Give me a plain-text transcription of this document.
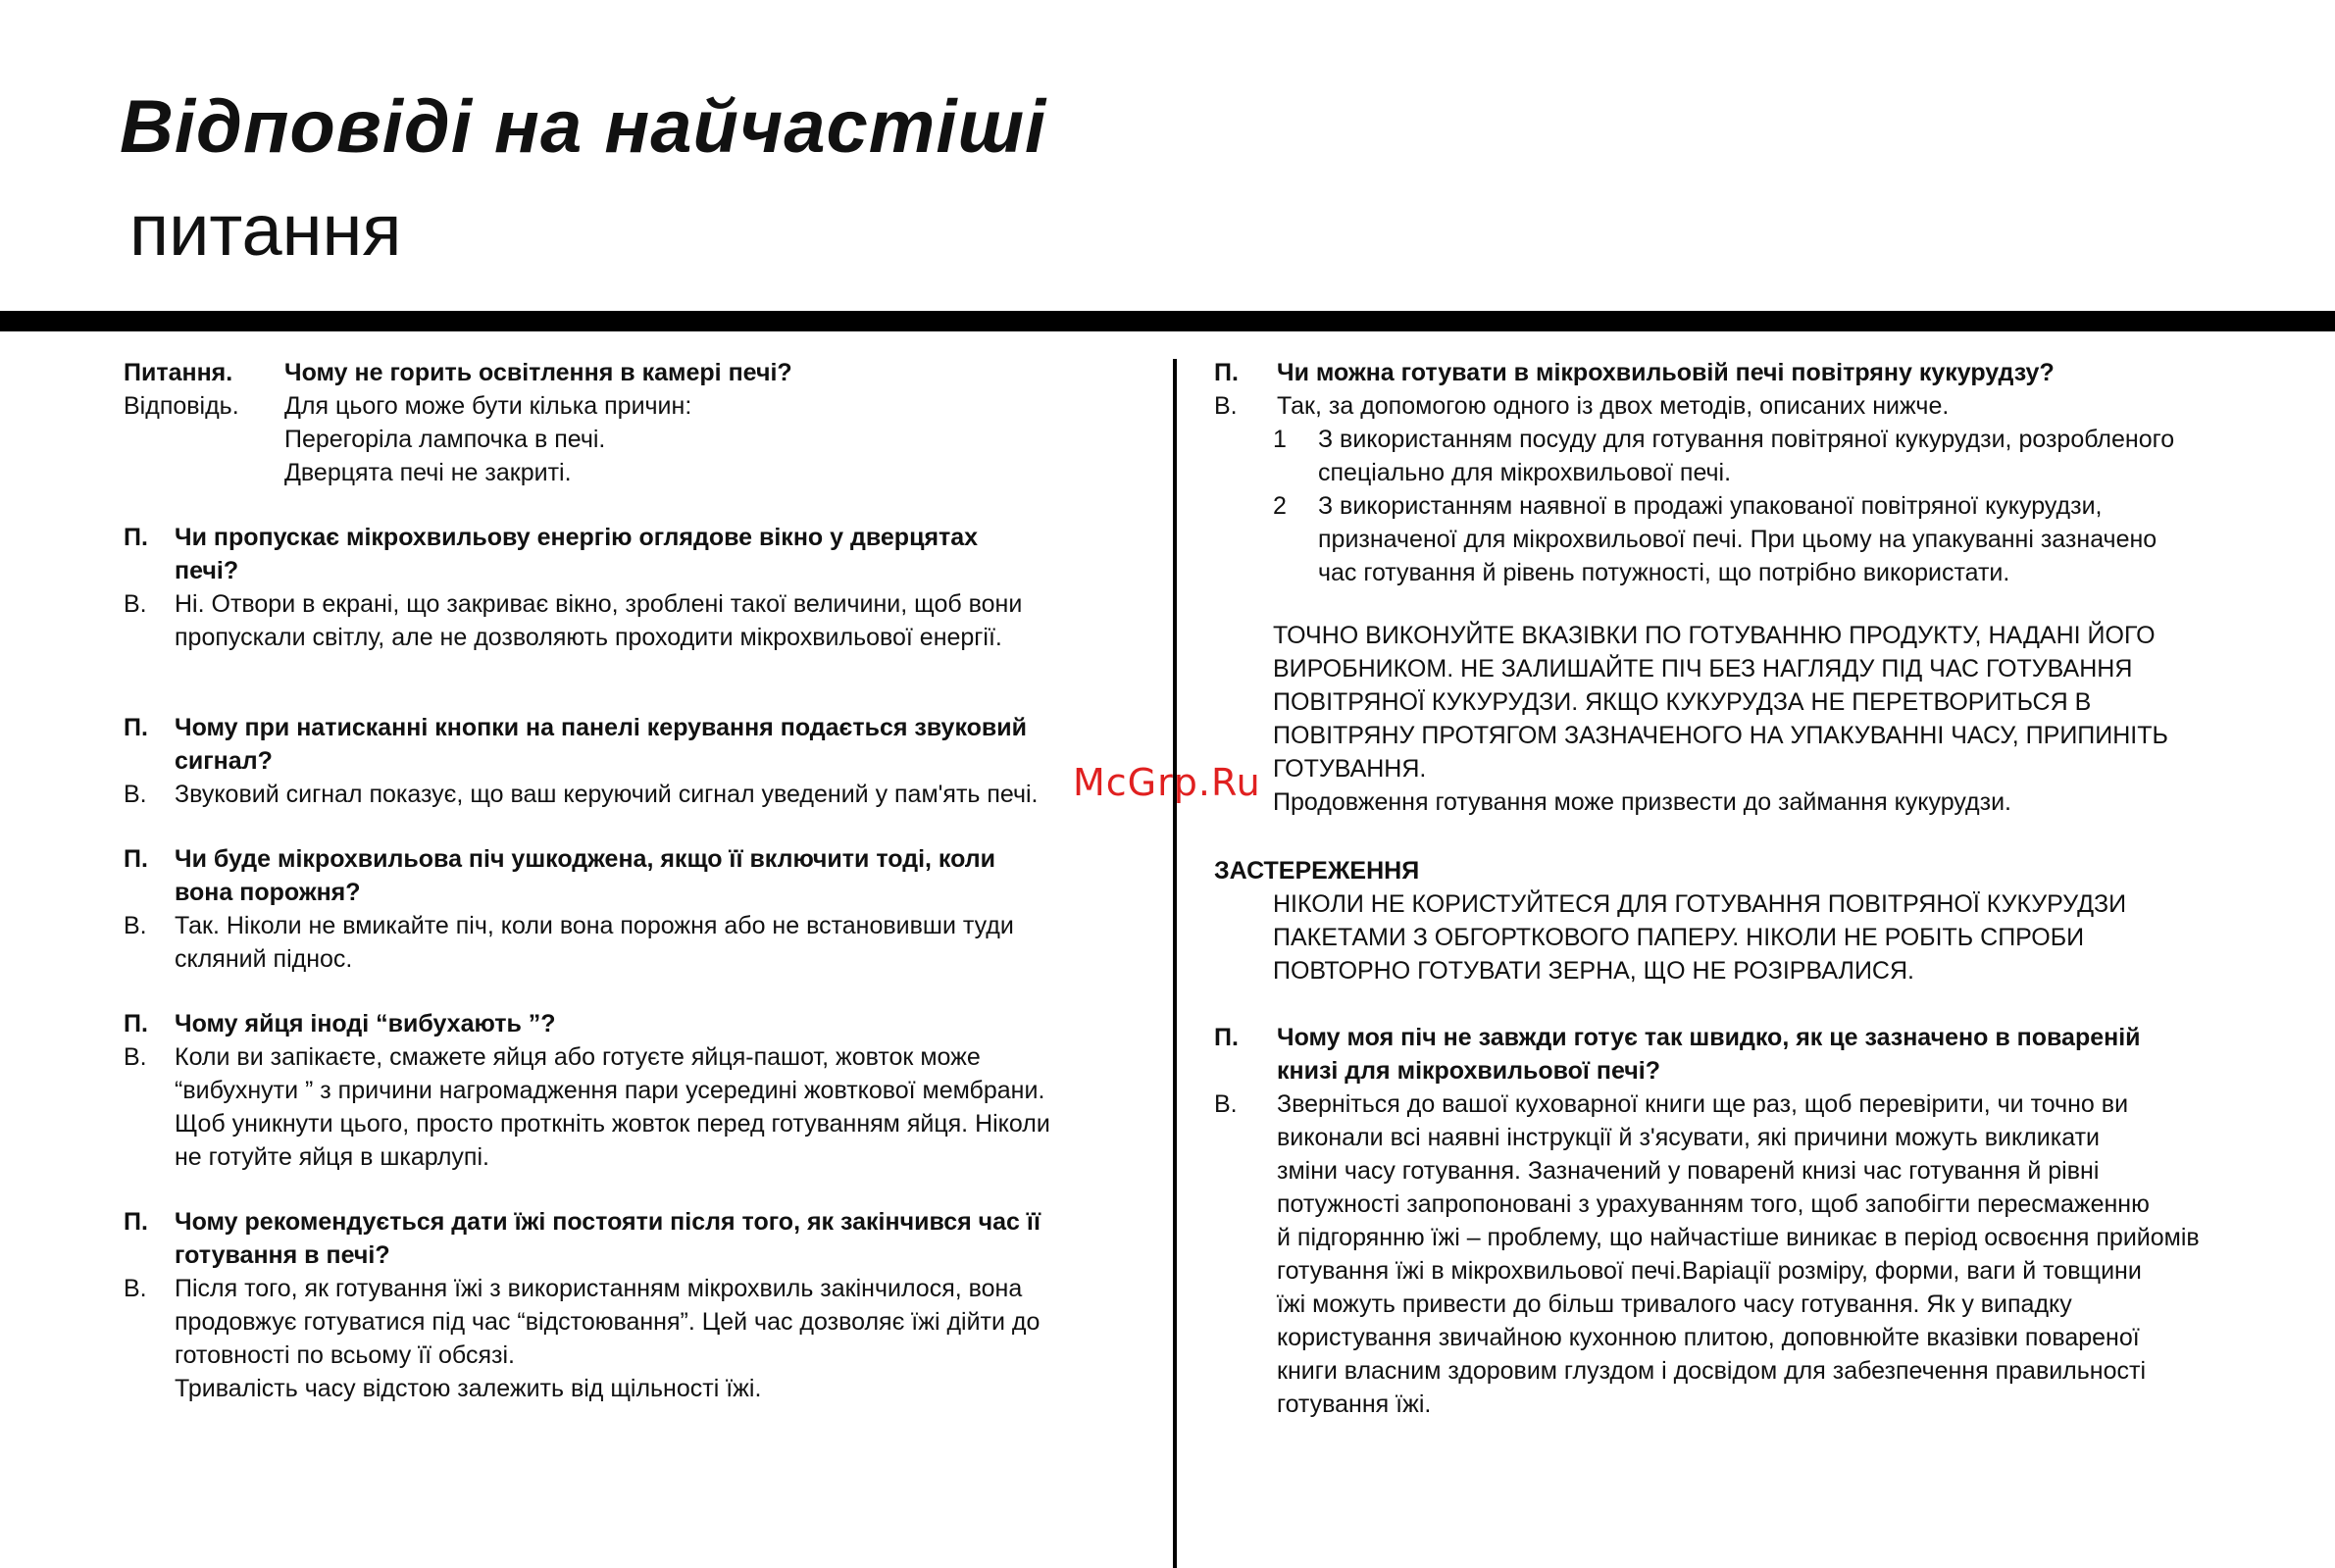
Відповіді на найчастіші
питання
Питання.	Чому не горить освітлення в камері печі?
Відповідь.	Для цього може бути кілька причин:
Перегоріла лампочка в печі.
Дверцята печі не закриті.
П.	Чи пропускає мікрохвильову енергію оглядове вікно у дверцятах
печі?
В.	Ні. Отвори в екрані, що закриває вікно, зроблені такої величини, щоб вони
пропускали світлу, але не дозволяють проходити мікрохвильової енергії.
П.	Чому при натисканні кнопки на панелі керування подається звуковий
сигнал?
В.	Звуковий сигнал показує, що ваш керуючий сигнал уведений у пам'ять печі.
П.	Чи буде мікрохвильова піч ушкоджена, якщо її включити тоді, коли
вона порожня?
В.	Так. Ніколи не вмикайте піч, коли вона порожня або не встановивши туди
скляний піднос.
П.	Чому яйця іноді “вибухають ”?
В.	Коли ви запікаєте, смажете яйця або готуєте яйця-пашот, жовток може
“вибухнути ” з причини нагромадження пари усередині жовткової мембрани.
Щоб уникнути цього, просто проткніть жовток перед готуванням яйця. Ніколи
не готуйте яйця в шкарлупі.
П.	Чому рекомендується дати їжі постояти після того, як закінчився час її
готування в печі?
В.	Після того, як готування їжі з використанням мікрохвиль закінчилося, вона
продовжує готуватися під час “відстоювання”. Цей час дозволяє їжі дійти до
готовності по всьому її обсязі.
Тривалість часу відстою залежить від щільності їжі.
П.	Чи можна готувати в мікрохвильовій печі повітряну кукурудзу?
В.	Так, за допомогою одного із двох методів, описаних нижче.
1	З використанням посуду для готування повітряної кукурудзи, розробленого
спеціально для мікрохвильової печі.
2	З використанням наявної в продажі упакованої повітряної кукурудзи,
призначеної для мікрохвильової печі. При цьому на упакуванні зазначено
час готування й рівень потужності, що потрібно використати.
ТОЧНО ВИКОНУЙТЕ ВКАЗІВКИ ПО ГОТУВАННЮ ПРОДУКТУ, НАДАНІ ЙОГО
ВИРОБНИКОМ. НЕ ЗАЛИШАЙТЕ ПІЧ БЕЗ НАГЛЯДУ ПІД ЧАС ГОТУВАННЯ
ПОВІТРЯНОЇ КУКУРУДЗИ. ЯКЩО КУКУРУДЗА НЕ ПЕРЕТВОРИТЬСЯ В
ПОВІТРЯНУ ПРОТЯГОМ ЗАЗНАЧЕНОГО НА УПАКУВАННІ ЧАСУ, ПРИПИНІТЬ
ГОТУВАННЯ.
Продовження готування може призвести до займання кукурудзи.
ЗАСТЕРЕЖЕННЯ
НІКОЛИ НЕ КОРИСТУЙТЕСЯ ДЛЯ ГОТУВАННЯ ПОВІТРЯНОЇ КУКУРУДЗИ
ПАКЕТАМИ З ОБГОРТКОВОГО ПАПЕРУ. НІКОЛИ НЕ РОБІТЬ СПРОБИ
ПОВТОРНО ГОТУВАТИ ЗЕРНА, ЩО НЕ РОЗІРВАЛИСЯ.
П.	Чому моя піч не завжди готує так швидко, як це зазначено в повареній
книзі для мікрохвильової печі?
В.	Зверніться до вашої куховарної книги ще раз, щоб перевірити, чи точно ви
виконали всі наявні інструкції й з'ясувати, які причини можуть викликати
зміни часу готування. Зазначений у поваренй книзі час готування й рівні
потужності запропоновані з урахуванням того, щоб запобігти пересмаженню
й підгорянню їжі – проблему, що найчастіше виникає в період освоєння прийомів
готування їжі в мікрохвильової печі.Варіації розміру, форми, ваги й товщини
їжі можуть привести до більш тривалого часу готування. Як у випадку
користування звичайною кухонною плитою, доповнюйте вказівки повареної
книги власним здоровим глуздом і досвідом для забезпечення правильності
готування їжі.
McGrp.Ru
